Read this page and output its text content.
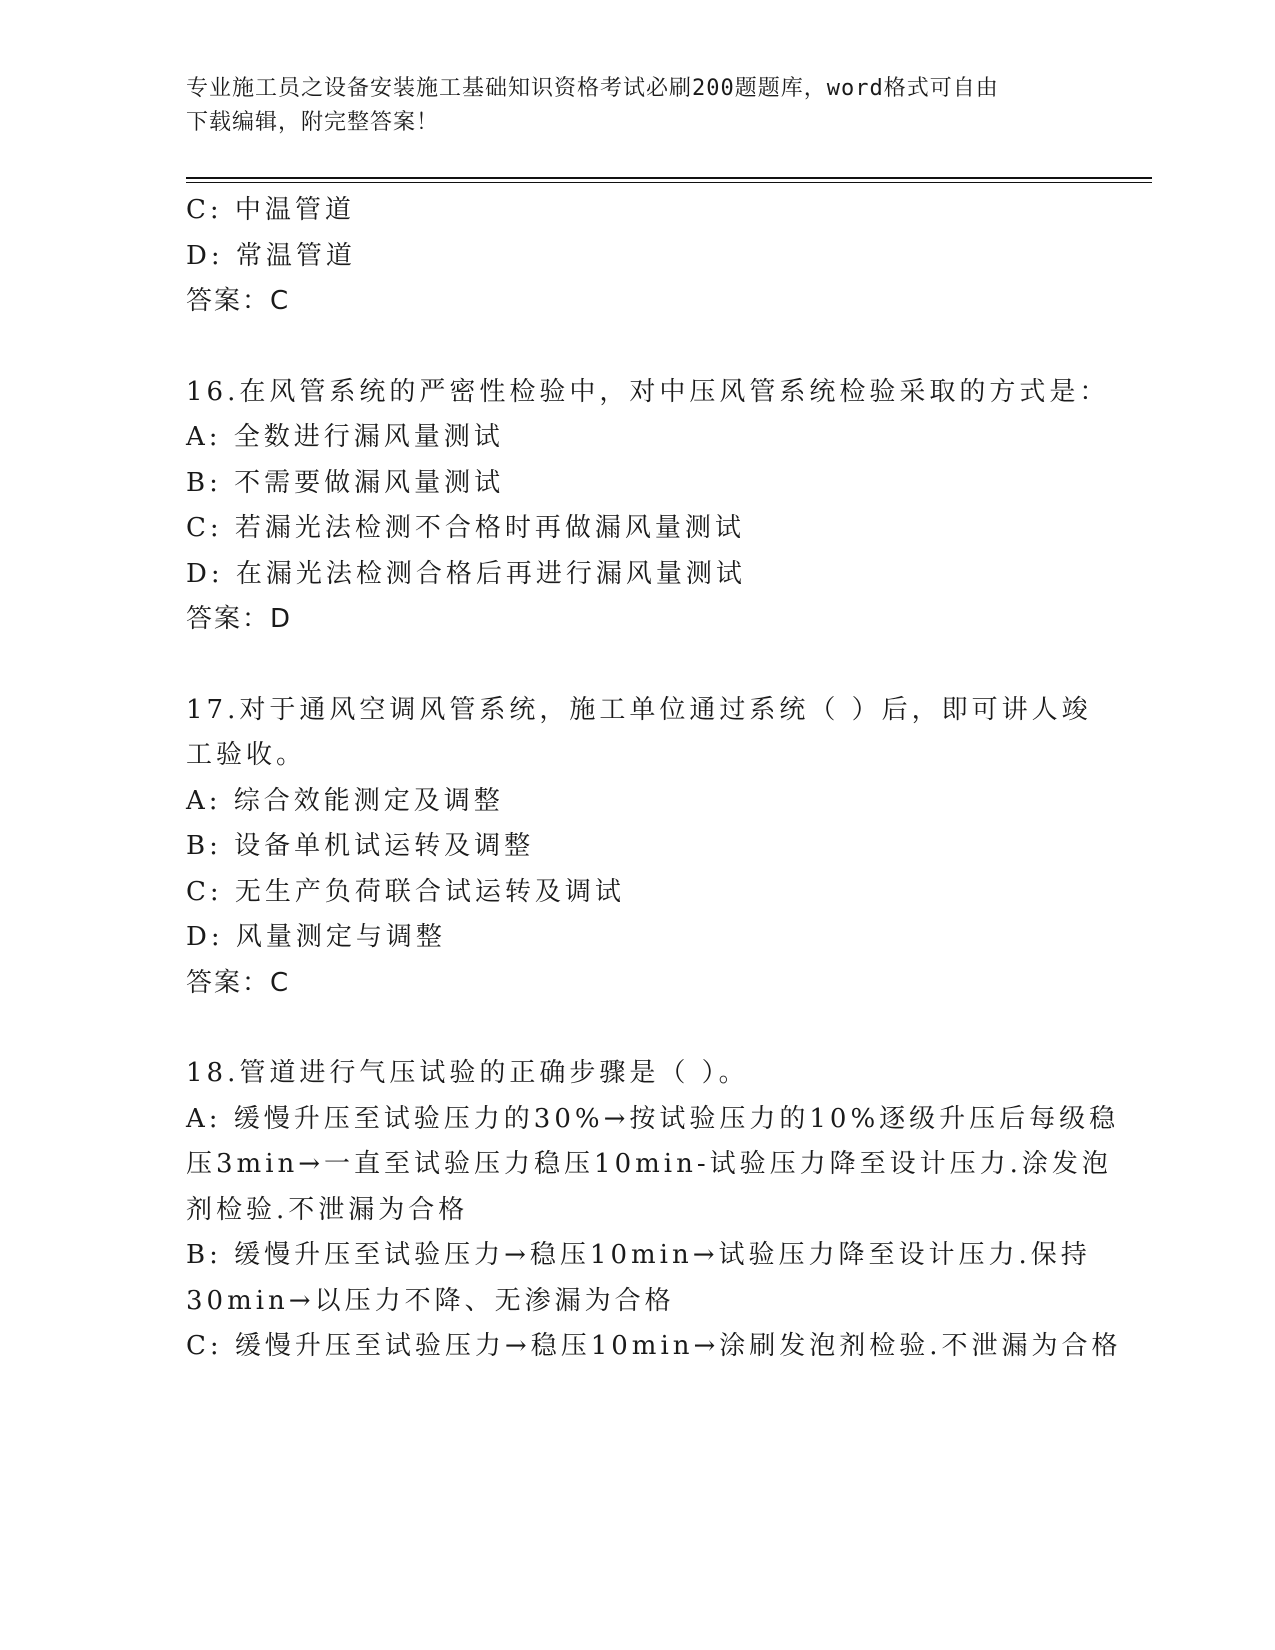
专业施工员之设备安装施工基础知识资格考试必刷200题题库，word格式可自由
下载编辑，附完整答案！
C: 中温管道
D: 常温管道
答案：C
16.在风管系统的严密性检验中，对中压风管系统检验采取的方式是：
A: 全数进行漏风量测试
B: 不需要做漏风量测试
C: 若漏光法检测不合格时再做漏风量测试
D: 在漏光法检测合格后再进行漏风量测试
答案：D
17.对于通风空调风管系统，施工单位通过系统（ ）后，即可讲人竣
工验收。
A: 综合效能测定及调整
B: 设备单机试运转及调整
C: 无生产负荷联合试运转及调试
D: 风量测定与调整
答案：C
18.管道进行气压试验的正确步骤是（ ）。
A: 缓慢升压至试验压力的30%→按试验压力的10%逐级升压后每级稳
压3min→一直至试验压力稳压10min-试验压力降至设计压力.涂发泡
剂检验.不泄漏为合格
B: 缓慢升压至试验压力→稳压10min→试验压力降至设计压力.保持
30min→以压力不降、无渗漏为合格
C: 缓慢升压至试验压力→稳压10min→涂刷发泡剂检验.不泄漏为合格
